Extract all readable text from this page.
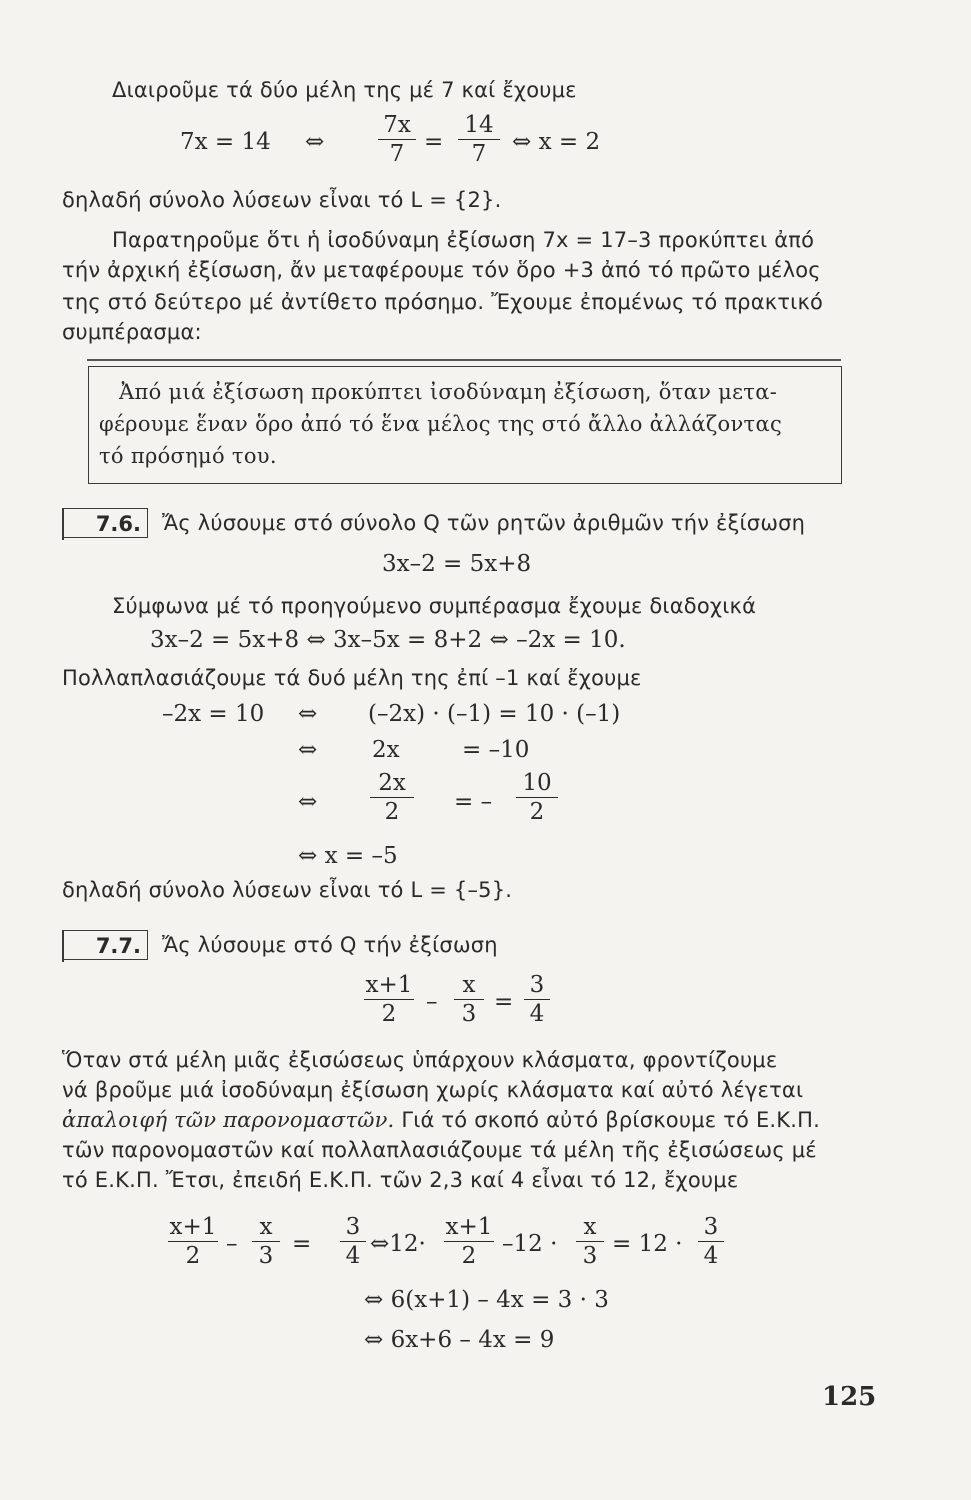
Διαιροῦμε τά δύο μέλη της μέ 7 καί ἔχουμε
7x = 14 ⇔
7x
7 =
14
7	⇔ x = 2
δηλαδή σύνολο λύσεων εἶναι τό L = {2}.
Παρατηροῦμε ὅτι ἡ ἰσοδύναμη ἐξίσωση 7x = 17–3 προκύπτει ἀπό
τήν ἀρχική ἐξίσωση, ἄν μεταφέρουμε τόν ὅρο +3 ἀπό τό πρῶτο μέλος
της στό δεύτερο μέ ἀντίθετο πρόσημο. Ἔχουμε ἐπομένως τό πρακτικό
συμπέρασμα:
Ἀπό μιά ἐξίσωση προκύπτει ἰσοδύναμη ἐξίσωση, ὅταν μετα-
φέρουμε ἕναν ὅρο ἀπό τό ἕνα μέλος της στό ἄλλο ἀλλάζοντας
τό πρόσημό του.
7.6.	Ἄς λύσουμε στό σύνολο Q τῶν ρητῶν ἀριθμῶν τήν ἐξίσωση
3x–2 = 5x+8
Σύμφωνα μέ τό προηγούμενο συμπέρασμα ἔχουμε διαδοχικά
3x–2 = 5x+8 ⇔ 3x–5x = 8+2 ⇔ –2x = 10.
Πολλαπλασιάζουμε τά δυό μέλη της ἐπί –1 καί ἔχουμε
–2x = 10 ⇔ (–2x) · (–1) = 10 · (–1)
⇔ 2x	= –10
⇔
2x
2	= –
10
2
⇔ x = –5
δηλαδή σύνολο λύσεων εἶναι τό L = {–5}.
7.7.	Ἄς λύσουμε στό Q τήν ἐξίσωση
x+1
2	–
x
3 =
3
4
Ὅταν στά μέλη μιᾶς ἐξισώσεως ὑπάρχουν κλάσματα, φροντίζουμε
νά βροῦμε μιά ἰσοδύναμη ἐξίσωση χωρίς κλάσματα καί αὐτό λέγεται
ἀπαλοιφή τῶν παρονομαστῶν. Γιά τό σκοπό αὐτό βρίσκουμε τό Ε.Κ.Π.
τῶν παρονομαστῶν καί πολλαπλασιάζουμε τά μέλη τῆς ἐξισώσεως μέ
τό Ε.Κ.Π. Ἔτσι, ἐπειδή Ε.Κ.Π. τῶν 2,3 καί 4 εἶναι τό 12, ἔχουμε
x+1
2	–
x
3 =
3
4 ⇔12·
x+1
2	–12 ·
x
3 = 12 ·
3
4
⇔ 6(x+1) – 4x = 3 · 3
⇔ 6x+6 – 4x = 9
125
